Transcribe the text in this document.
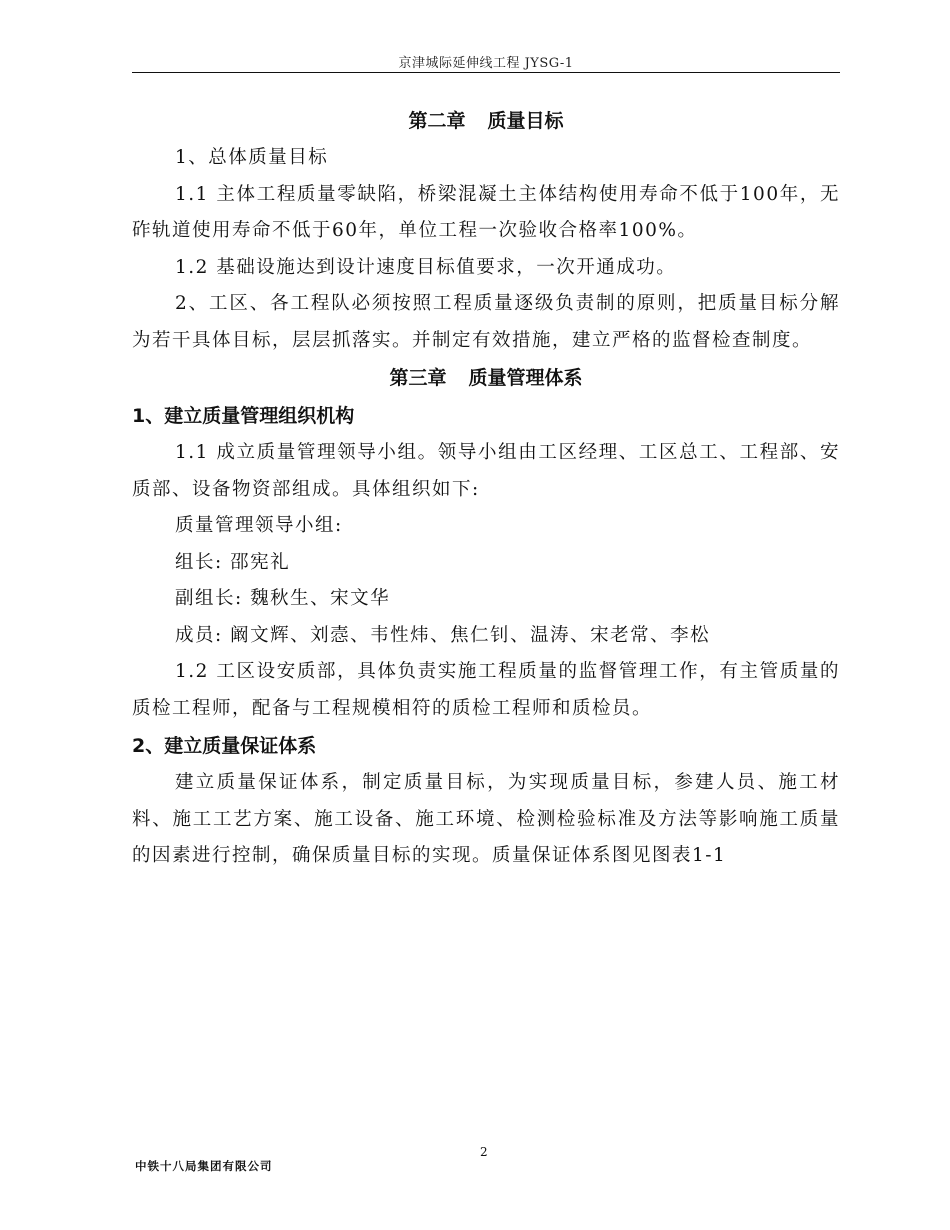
京津城际延伸线工程 JYSG-1
第二章 质量目标

1、总体质量目标

1.1 主体工程质量零缺陷，桥梁混凝土主体结构使用寿命不低于100年，无砟轨道使用寿命不低于60年，单位工程一次验收合格率100%。

1.2 基础设施达到设计速度目标值要求，一次开通成功。

2、工区、各工程队必须按照工程质量逐级负责制的原则，把质量目标分解为若干具体目标，层层抓落实。并制定有效措施，建立严格的监督检查制度。

第三章 质量管理体系
1、建立质量管理组织机构

1.1 成立质量管理领导小组。领导小组由工区经理、工区总工、工程部、安质部、设备物资部组成。具体组织如下:

质量管理领导小组:

组长: 邵宪礼

副组长: 魏秋生、宋文华

成员: 阚文辉、刘悫、韦性炜、焦仁钊、温涛、宋老常、李松

1.2 工区设安质部，具体负责实施工程质量的监督管理工作，有主管质量的质检工程师，配备与工程规模相符的质检工程师和质检员。

2、建立质量保证体系

建立质量保证体系，制定质量目标，为实现质量目标，参建人员、施工材料、施工工艺方案、施工设备、施工环境、检测检验标准及方法等影响施工质量的因素进行控制，确保质量目标的实现。质量保证体系图见图表1-1

2
中铁十八局集团有限公司
